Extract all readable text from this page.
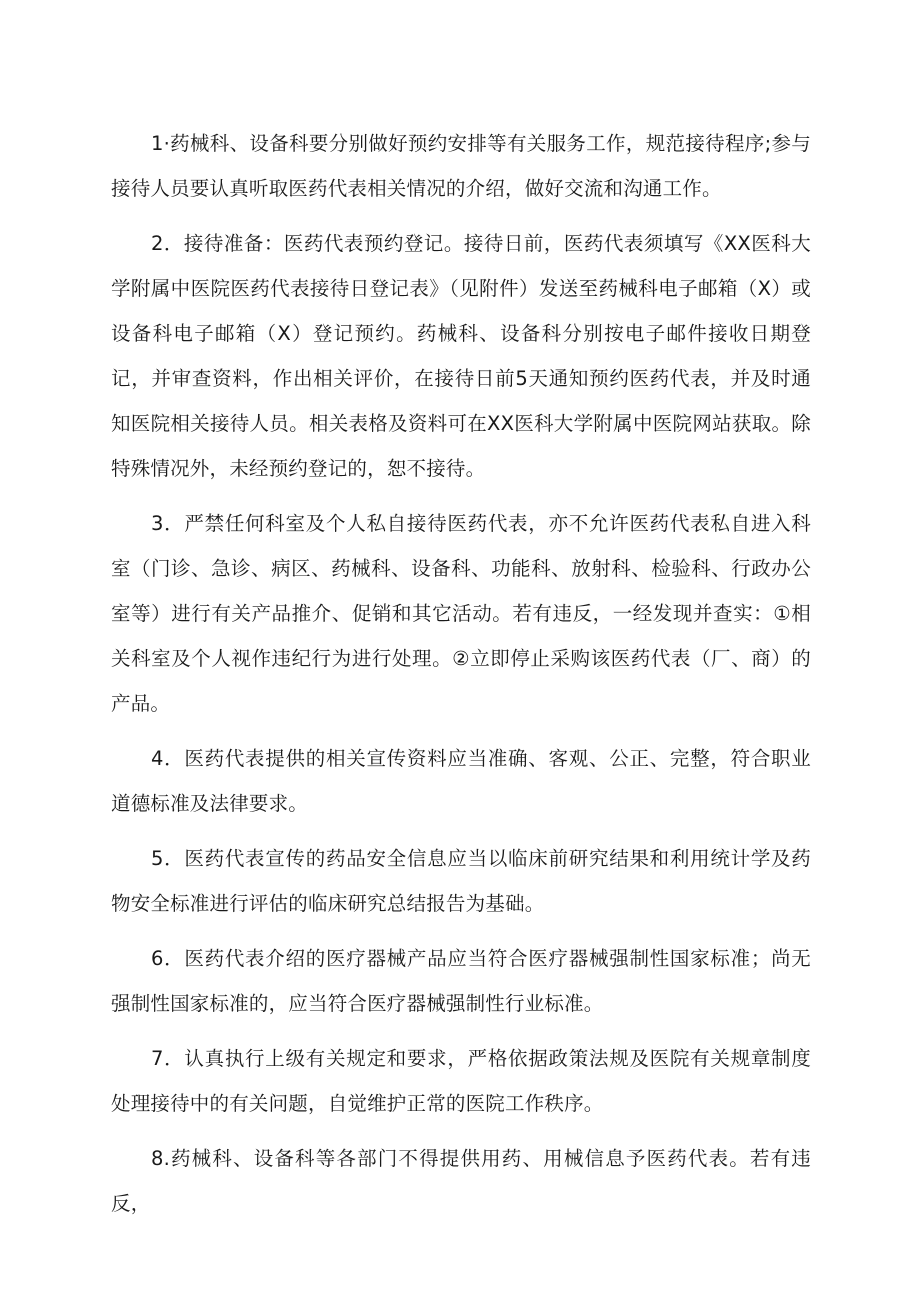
1·药械科、设备科要分别做好预约安排等有关服务工作，规范接待程序;参与接待人员要认真听取医药代表相关情况的介绍，做好交流和沟通工作。

2．接待准备：医药代表预约登记。接待日前，医药代表须填写《XX医科大学附属中医院医药代表接待日登记表》（见附件）发送至药械科电子邮箱（X）或设备科电子邮箱（X）登记预约。药械科、设备科分别按电子邮件接收日期登记，并审查资料，作出相关评价，在接待日前5天通知预约医药代表，并及时通知医院相关接待人员。相关表格及资料可在XX医科大学附属中医院网站获取。除特殊情况外，未经预约登记的，恕不接待。

3．严禁任何科室及个人私自接待医药代表，亦不允许医药代表私自进入科室（门诊、急诊、病区、药械科、设备科、功能科、放射科、检验科、行政办公室等）进行有关产品推介、促销和其它活动。若有违反，一经发现并查实：①相关科室及个人视作违纪行为进行处理。②立即停止采购该医药代表（厂、商）的产品。

4．医药代表提供的相关宣传资料应当准确、客观、公正、完整，符合职业道德标准及法律要求。

5．医药代表宣传的药品安全信息应当以临床前研究结果和利用统计学及药物安全标准进行评估的临床研究总结报告为基础。

6．医药代表介绍的医疗器械产品应当符合医疗器械强制性国家标准；尚无强制性国家标准的，应当符合医疗器械强制性行业标准。

7．认真执行上级有关规定和要求，严格依据政策法规及医院有关规章制度处理接待中的有关问题，自觉维护正常的医院工作秩序。

8.药械科、设备科等各部门不得提供用药、用械信息予医药代表。若有违反，
